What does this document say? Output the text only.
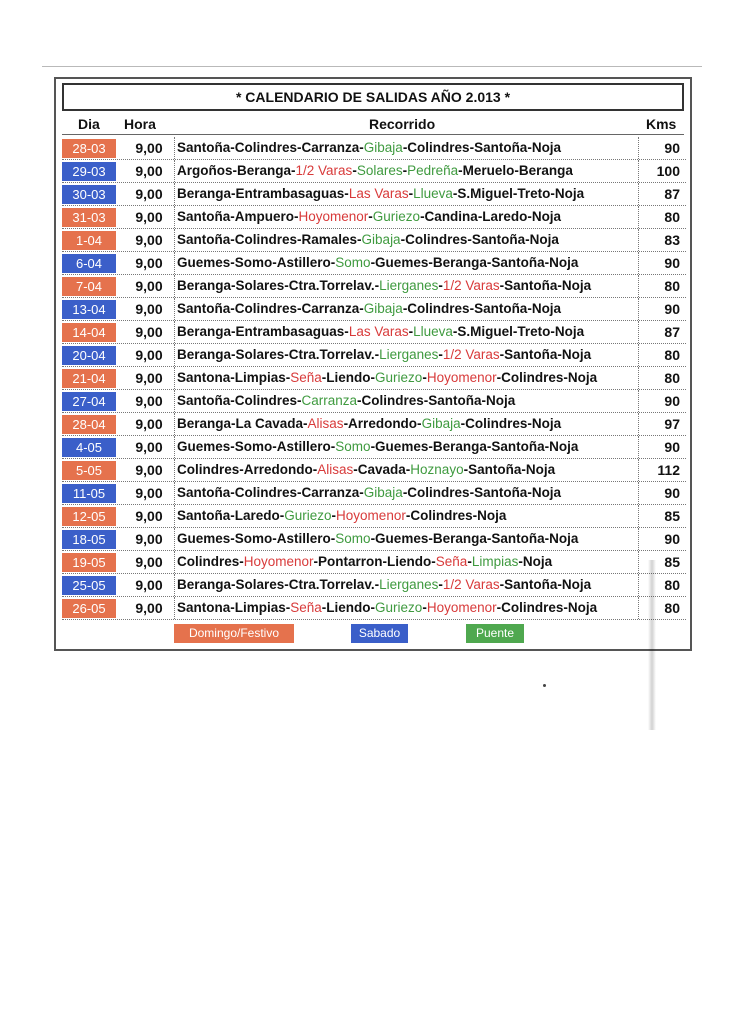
* CALENDARIO DE SALIDAS AÑO 2.013 *
Dia Hora	Recorrido	Kms
28-03	9,00	Santoña-Colindres-Carranza-Gibaja-Colindres-Santoña-Noja	90
29-03	9,00	Argoños-Beranga-1/2 Varas-Solares-Pedreña-Meruelo-Beranga	100
30-03	9,00	Beranga-Entrambasaguas-Las Varas-Llueva-S.Miguel-Treto-Noja	87
31-03	9,00	Santoña-Ampuero-Hoyomenor-Guriezo-Candina-Laredo-Noja	80
1-04	9,00	Santoña-Colindres-Ramales-Gibaja-Colindres-Santoña-Noja	83
6-04	9,00	Guemes-Somo-Astillero-Somo-Guemes-Beranga-Santoña-Noja	90
7-04	9,00	Beranga-Solares-Ctra.Torrelav.-Lierganes-1/2 Varas-Santoña-Noja	80
13-04	9,00	Santoña-Colindres-Carranza-Gibaja-Colindres-Santoña-Noja	90
14-04	9,00	Beranga-Entrambasaguas-Las Varas-Llueva-S.Miguel-Treto-Noja	87
20-04	9,00	Beranga-Solares-Ctra.Torrelav.-Lierganes-1/2 Varas-Santoña-Noja	80
21-04	9,00	Santona-Limpias-Seña-Liendo-Guriezo-Hoyomenor-Colindres-Noja	80
27-04	9,00	Santoña-Colindres-Carranza-Colindres-Santoña-Noja	90
28-04	9,00	Beranga-La Cavada-Alisas-Arredondo-Gibaja-Colindres-Noja	97
4-05	9,00	Guemes-Somo-Astillero-Somo-Guemes-Beranga-Santoña-Noja	90
5-05	9,00	Colindres-Arredondo-Alisas-Cavada-Hoznayo-Santoña-Noja	112
11-05	9,00	Santoña-Colindres-Carranza-Gibaja-Colindres-Santoña-Noja	90
12-05	9,00	Santoña-Laredo-Guriezo-Hoyomenor-Colindres-Noja	85
18-05	9,00	Guemes-Somo-Astillero-Somo-Guemes-Beranga-Santoña-Noja	90
19-05	9,00	Colindres-Hoyomenor-Pontarron-Liendo-Seña-Limpias-Noja	85
25-05	9,00	Beranga-Solares-Ctra.Torrelav.-Lierganes-1/2 Varas-Santoña-Noja	80
26-05	9,00	Santona-Limpias-Seña-Liendo-Guriezo-Hoyomenor-Colindres-Noja	80
Domingo/Festivo	Sabado	Puente
